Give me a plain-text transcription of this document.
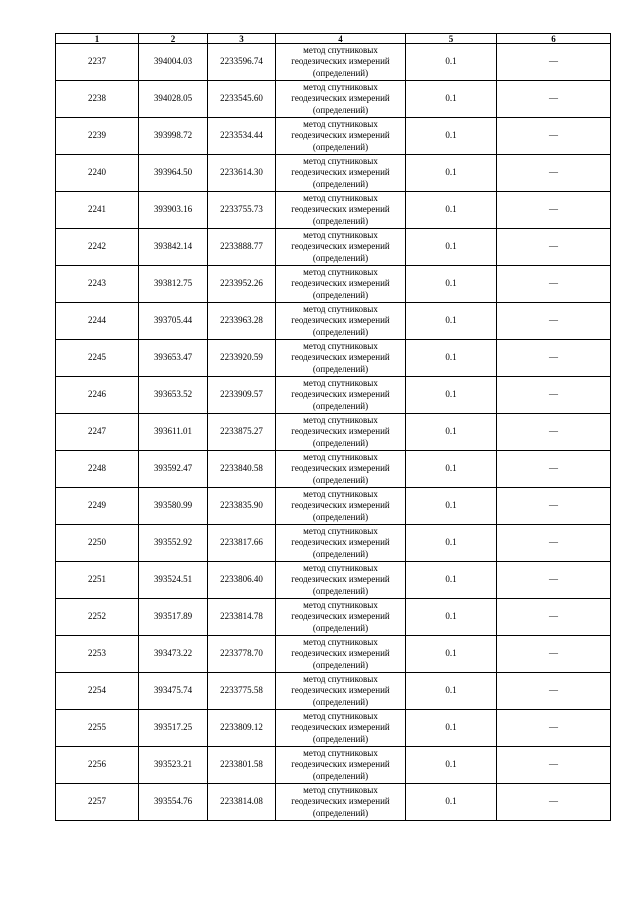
1	2	3	4	5	6
2237	394004.03	2233596.74	метод спутниковых
геодезических измерений
(определений)	0.1	—
2238	394028.05	2233545.60	метод спутниковых
геодезических измерений
(определений)	0.1	—
2239	393998.72	2233534.44	метод спутниковых
геодезических измерений
(определений)	0.1	—
2240	393964.50	2233614.30	метод спутниковых
геодезических измерений
(определений)	0.1	—
2241	393903.16	2233755.73	метод спутниковых
геодезических измерений
(определений)	0.1	—
2242	393842.14	2233888.77	метод спутниковых
геодезических измерений
(определений)	0.1	—
2243	393812.75	2233952.26	метод спутниковых
геодезических измерений
(определений)	0.1	—
2244	393705.44	2233963.28	метод спутниковых
геодезических измерений
(определений)	0.1	—
2245	393653.47	2233920.59	метод спутниковых
геодезических измерений
(определений)	0.1	—
2246	393653.52	2233909.57	метод спутниковых
геодезических измерений
(определений)	0.1	—
2247	393611.01	2233875.27	метод спутниковых
геодезических измерений
(определений)	0.1	—
2248	393592.47	2233840.58	метод спутниковых
геодезических измерений
(определений)	0.1	—
2249	393580.99	2233835.90	метод спутниковых
геодезических измерений
(определений)	0.1	—
2250	393552.92	2233817.66	метод спутниковых
геодезических измерений
(определений)	0.1	—
2251	393524.51	2233806.40	метод спутниковых
геодезических измерений
(определений)	0.1	—
2252	393517.89	2233814.78	метод спутниковых
геодезических измерений
(определений)	0.1	—
2253	393473.22	2233778.70	метод спутниковых
геодезических измерений
(определений)	0.1	—
2254	393475.74	2233775.58	метод спутниковых
геодезических измерений
(определений)	0.1	—
2255	393517.25	2233809.12	метод спутниковых
геодезических измерений
(определений)	0.1	—
2256	393523.21	2233801.58	метод спутниковых
геодезических измерений
(определений)	0.1	—
2257	393554.76	2233814.08	метод спутниковых
геодезических измерений
(определений)	0.1	—
